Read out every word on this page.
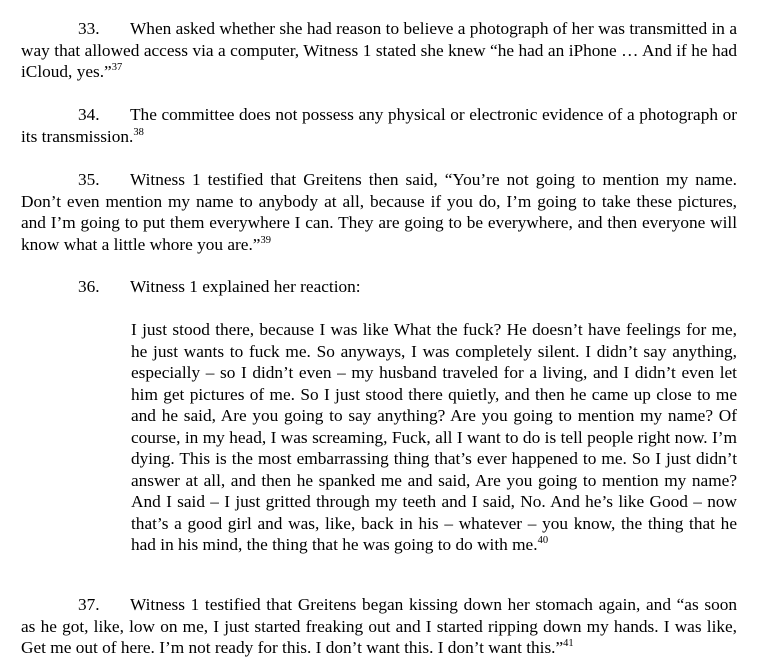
33. When asked whether she had reason to believe a photograph of her was transmitted in a way that allowed access via a computer, Witness 1 stated she knew “he had an iPhone … And if he had iCloud, yes.”$^{37}$

34. The committee does not possess any physical or electronic evidence of a photograph or its transmission.$^{38}$

35. Witness 1 testified that Greitens then said, “You’re not going to mention my name. Don’t even mention my name to anybody at all, because if you do, I’m going to take these pictures, and I’m going to put them everywhere I can. They are going to be everywhere, and then everyone will know what a little whore you are.”$^{39}$

36. Witness 1 explained her reaction:

I just stood there, because I was like What the fuck? He doesn’t have feelings for me, he just wants to fuck me. So anyways, I was completely silent. I didn’t say anything, especially – so I didn’t even – my husband traveled for a living, and I didn’t even let him get pictures of me. So I just stood there quietly, and then he came up close to me and he said, Are you going to say anything? Are you going to mention my name? Of course, in my head, I was screaming, Fuck, all I want to do is tell people right now. I’m dying. This is the most embarrassing thing that’s ever happened to me. So I just didn’t answer at all, and then he spanked me and said, Are you going to mention my name? And I said – I just gritted through my teeth and I said, No. And he’s like Good – now that’s a good girl and was, like, back in his – whatever – you know, the thing that he had in his mind, the thing that he was going to do with me.$^{40}$

37. Witness 1 testified that Greitens began kissing down her stomach again, and “as soon as he got, like, low on me, I just started freaking out and I started ripping down my hands. I was like, Get me out of here. I’m not ready for this. I don’t want this. I don’t want this.”$^{41}$
